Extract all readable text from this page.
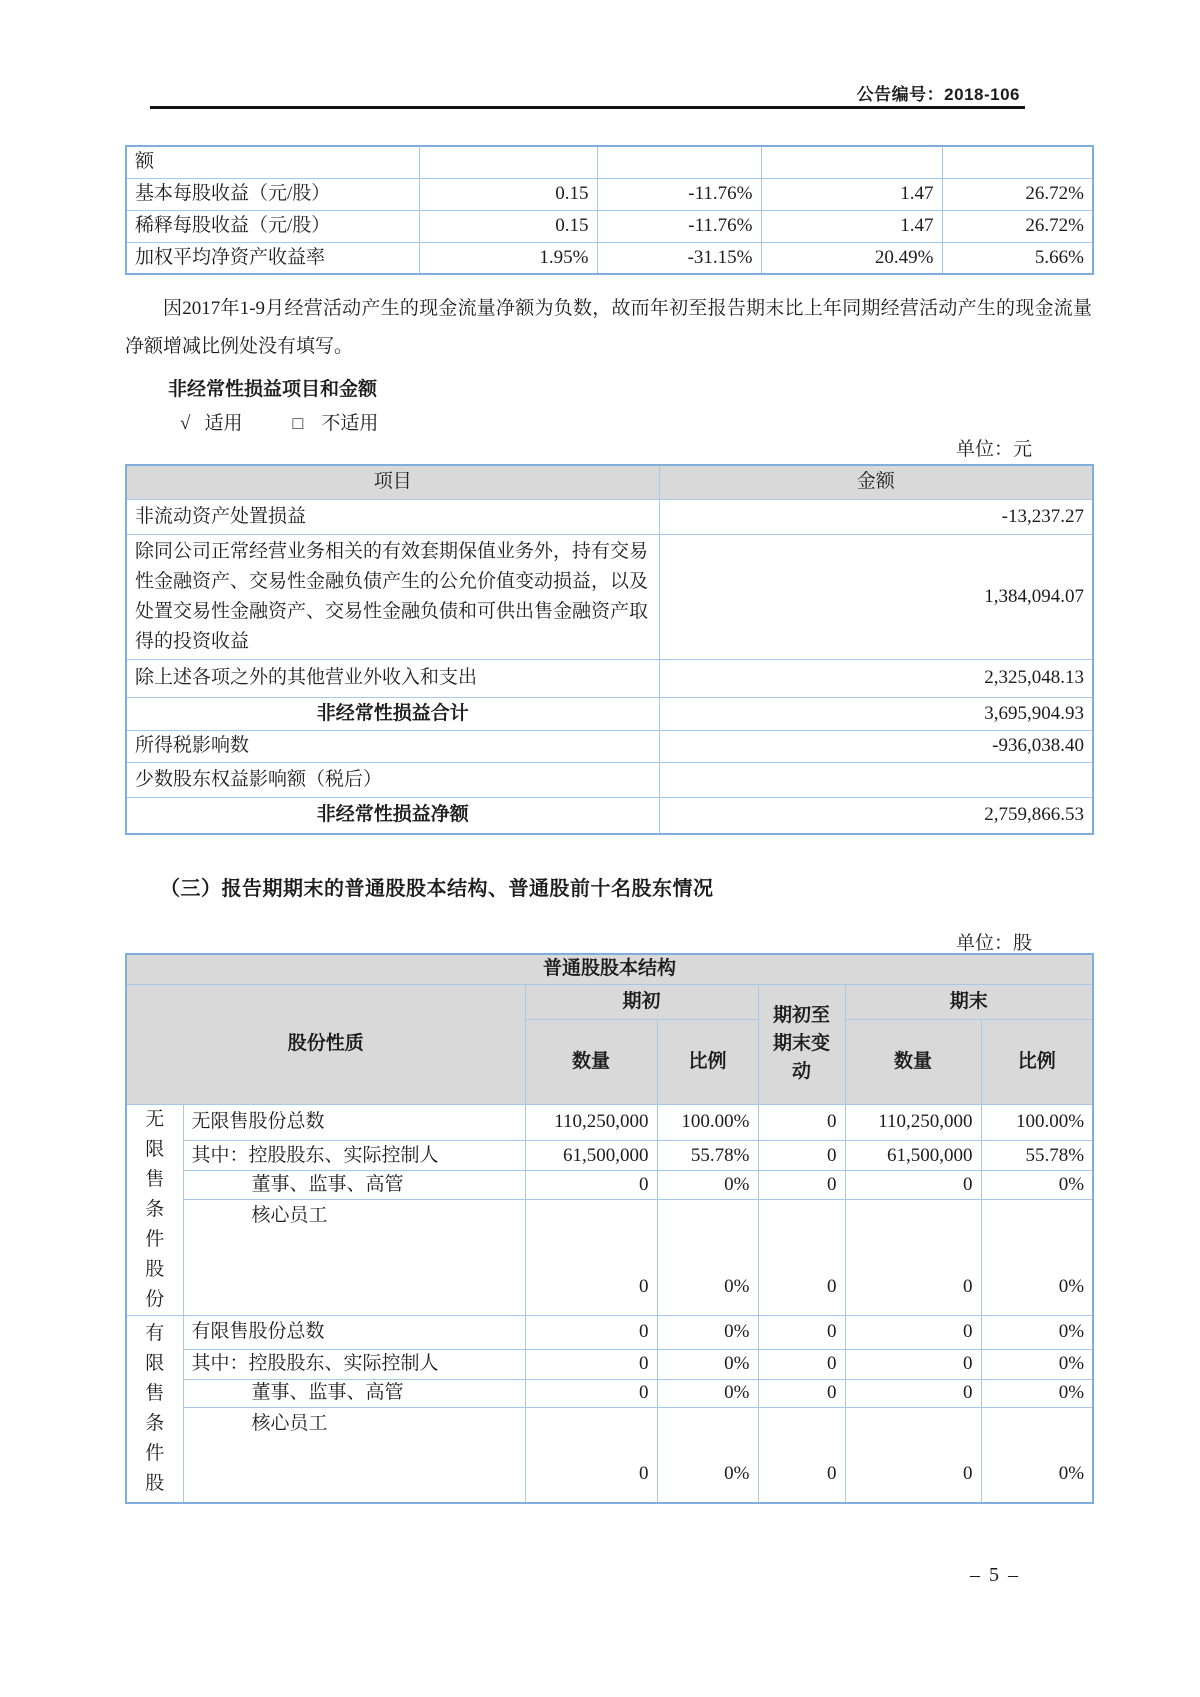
公告编号：2018-106
额				
基本每股收益（元/股）	0.15	-11.76%	1.47	26.72%
稀释每股收益（元/股）	0.15	-11.76%	1.47	26.72%
加权平均净资产收益率	1.95%	-31.15%	20.49%	5.66%

因2017年1-9月经营活动产生的现金流量净额为负数，故而年初至报告期末比上年同期经营活动产生的现金流量净额增减比例处没有填写。

非经常性损益项目和金额
√ 适用	□ 不适用
单位：元
项目	金额
非流动资产处置损益	-13,237.27
除同公司正常经营业务相关的有效套期保值业务外，持有交易性金融资产、交易性金融负债产生的公允价值变动损益，以及处置交易性金融资产、交易性金融负债和可供出售金融资产取得的投资收益	1,384,094.07
除上述各项之外的其他营业外收入和支出	2,325,048.13
非经常性损益合计	3,695,904.93
所得税影响数	-936,038.40
少数股东权益影响额（税后）	
非经常性损益净额	2,759,866.53
（三）报告期期末的普通股股本结构、普通股前十名股东情况
单位：股
普通股股本结构						
股份性质		期初		期初至期末变动	期末	
		数量	比例		数量	比例
无限售条件股份	无限售股份总数	110,250,000	100.00%	0	110,250,000	100.00%
	其中：控股股东、实际控制人	61,500,000	55.78%	0	61,500,000	55.78%
	董事、监事、高管	0	0%	0	0	0%
	核心员工	0	0%	0	0	0%
有限售条件股	有限售股份总数	0	0%	0	0	0%
	其中：控股股东、实际控制人	0	0%	0	0	0%
	董事、监事、高管	0	0%	0	0	0%
	核心员工	0	0%	0	0	0%
– 5 –
